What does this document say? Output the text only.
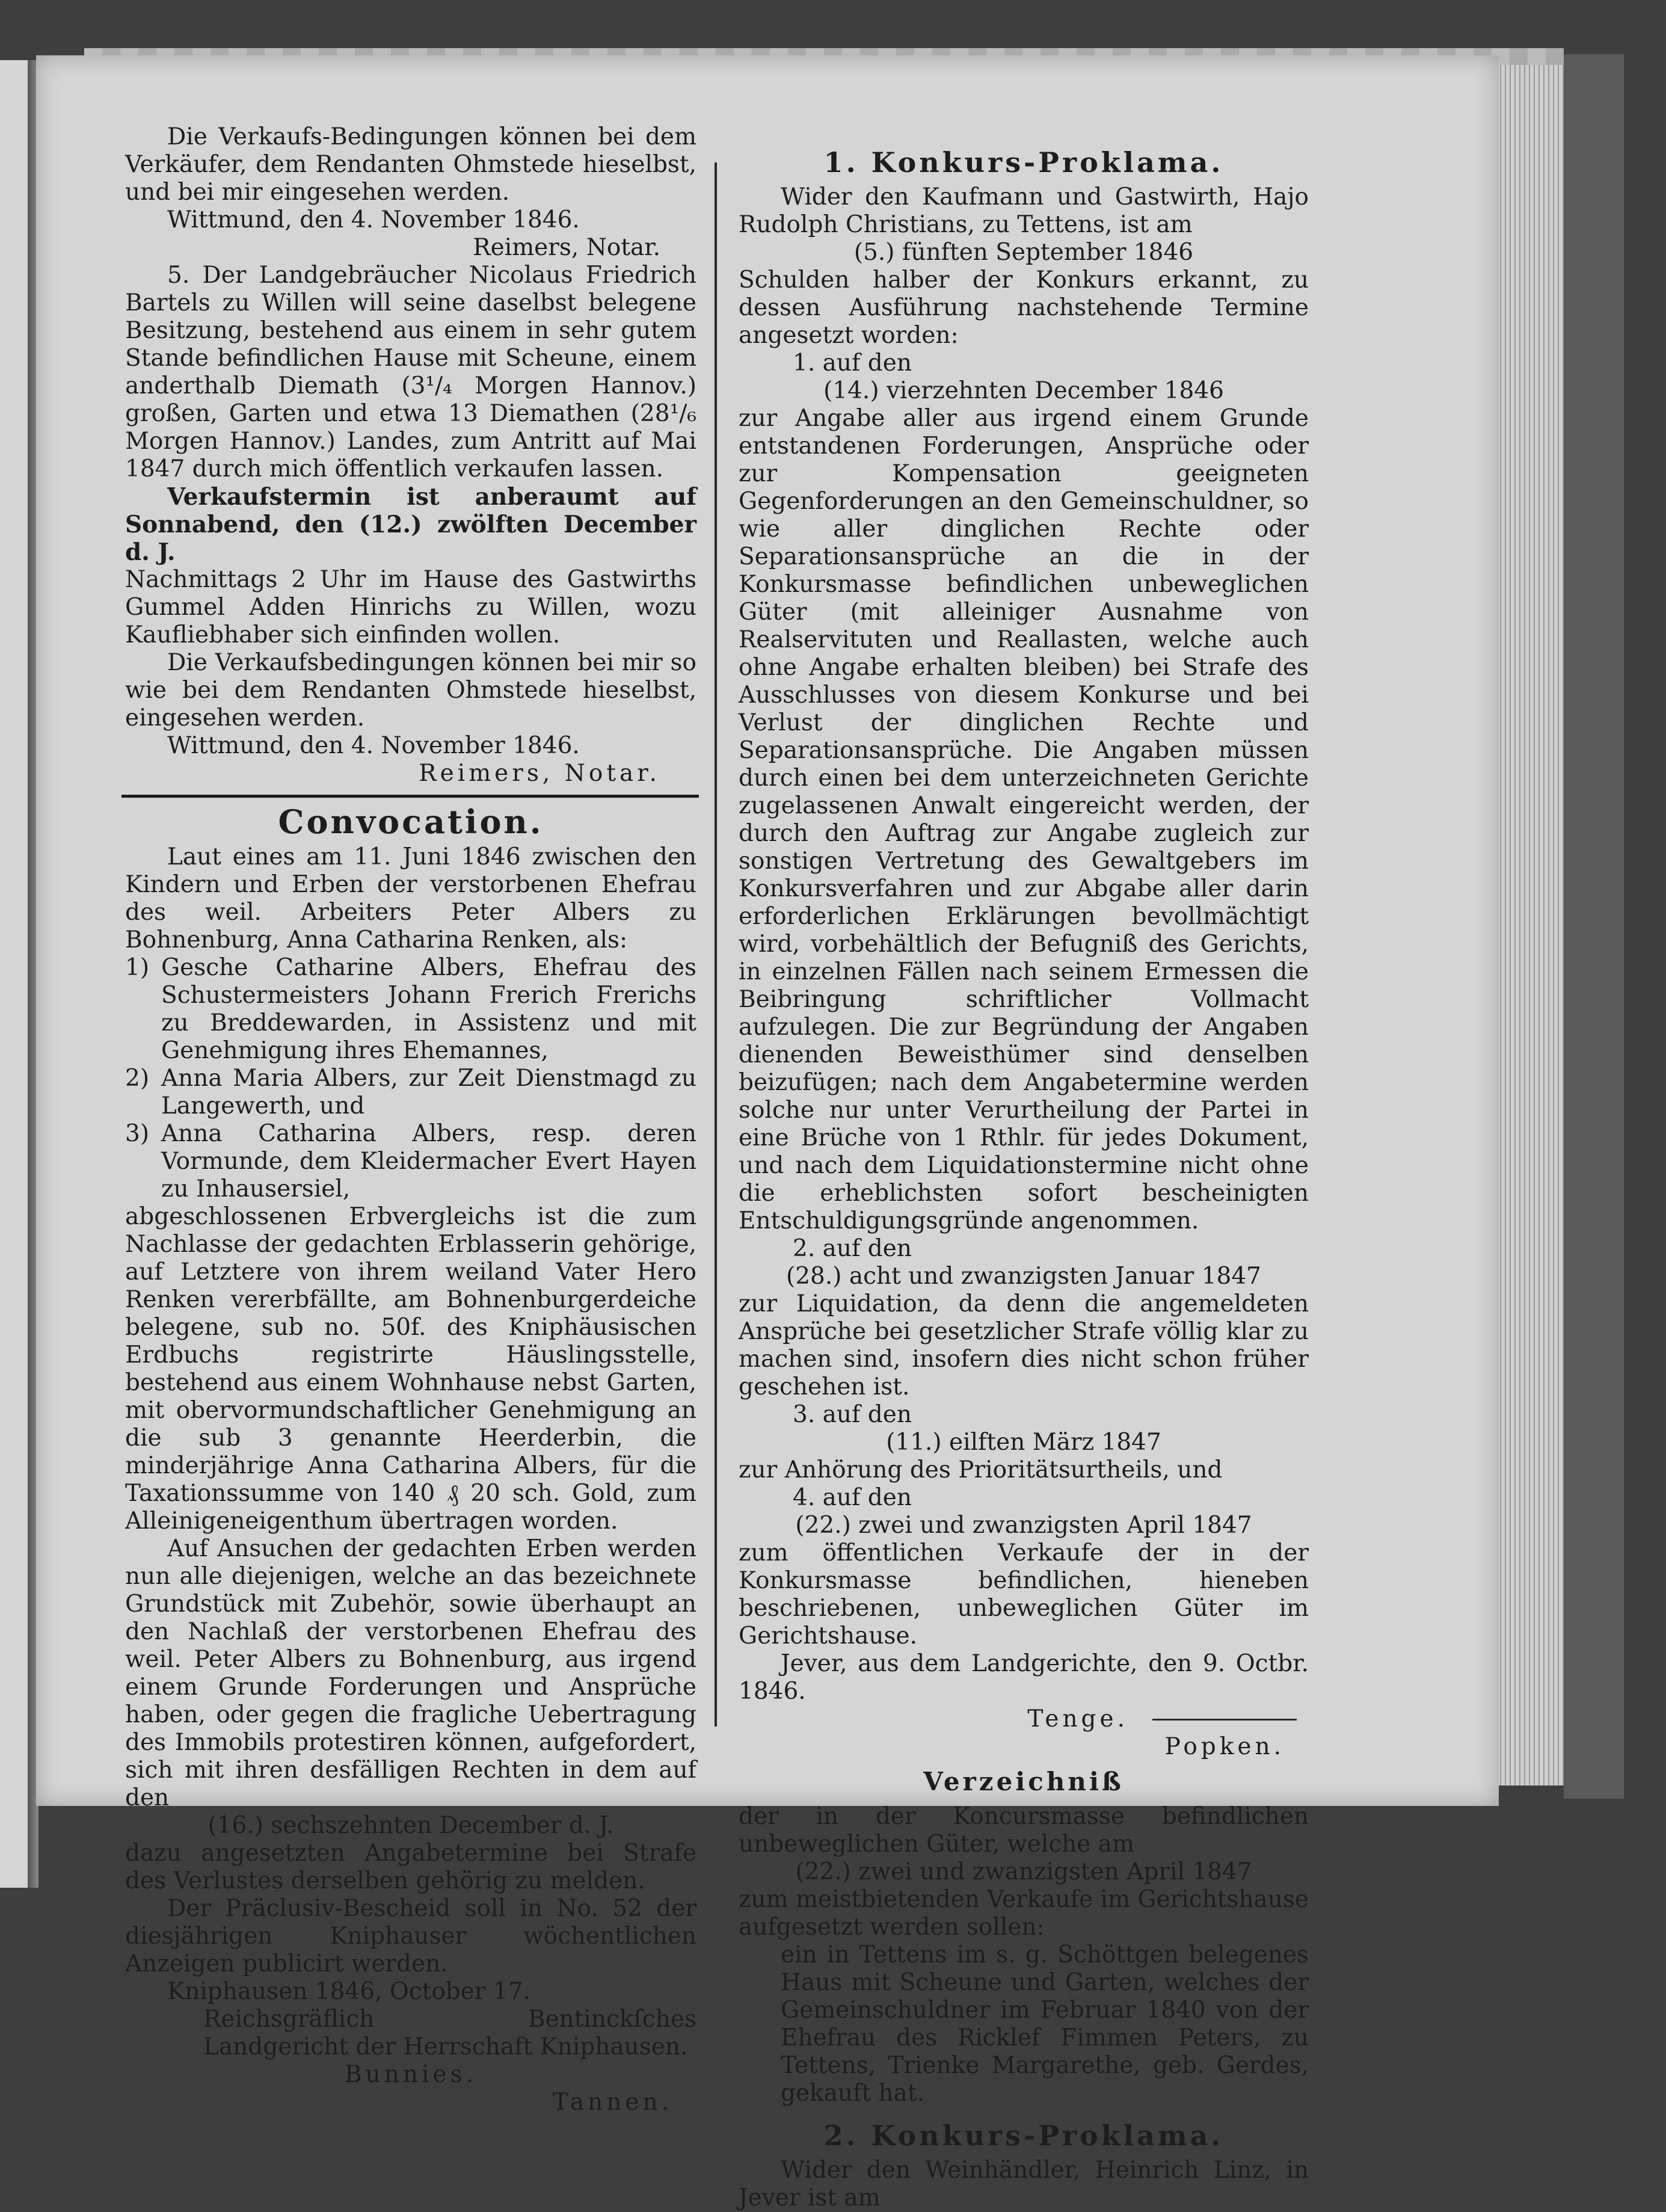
Die Verkaufs-Bedingungen können bei dem Verkäufer, dem Rendanten Ohmstede hieselbst, und bei mir eingesehen werden.

Wittmund, den 4. November 1846.

Reimers, Notar.

5. Der Landgebräucher Nicolaus Friedrich Bartels zu Willen will seine daselbst belegene Besitzung, bestehend aus einem in sehr gutem Stande befindlichen Hause mit Scheune, einem anderthalb Diemath (3¹/₄ Morgen Hannov.) großen, Garten und etwa 13 Diemathen (28¹/₆ Morgen Hannov.) Landes, zum Antritt auf Mai 1847 durch mich öffentlich verkaufen lassen.

Verkaufstermin ist anberaumt auf Sonnabend, den (12.) zwölften December d. J.

Nachmittags 2 Uhr im Hause des Gastwirths Gummel Adden Hinrichs zu Willen, wozu Kaufliebhaber sich einfinden wollen.

Die Verkaufsbedingungen können bei mir so wie bei dem Rendanten Ohmstede hieselbst, eingesehen werden.

Wittmund, den 4. November 1846.

Reimers, Notar.

Convocation.

Laut eines am 11. Juni 1846 zwischen den Kindern und Erben der verstorbenen Ehefrau des weil. Arbeiters Peter Albers zu Bohnenburg, Anna Catharina Renken, als:

1) Gesche Catharine Albers, Ehefrau des Schustermeisters Johann Frerich Frerichs zu Breddewarden, in Assistenz und mit Genehmigung ihres Ehemannes,
2) Anna Maria Albers, zur Zeit Dienstmagd zu Langewerth, und
3) Anna Catharina Albers, resp. deren Vormunde, dem Kleidermacher Evert Hayen zu Inhausersiel,

abgeschlossenen Erbvergleichs ist die zum Nachlasse der gedachten Erblasserin gehörige, auf Letztere von ihrem weiland Vater Hero Renken vererbfällte, am Bohnenburgerdeiche belegene, sub no. 50f. des Kniphäusischen Erdbuchs registrirte Häuslingsstelle, bestehend aus einem Wohnhause nebst Garten, mit obervormundschaftlicher Genehmigung an die sub 3 genannte Heerderbin, die minderjährige Anna Catharina Albers, für die Taxationssumme von 140 ₰ 20 sch. Gold, zum Alleinigeneigenthum übertragen worden.

Auf Ansuchen der gedachten Erben werden nun alle diejenigen, welche an das bezeichnete Grundstück mit Zubehör, sowie überhaupt an den Nachlaß der verstorbenen Ehefrau des weil. Peter Albers zu Bohnenburg, aus irgend einem Grunde Forderungen und Ansprüche haben, oder gegen die fragliche Uebertragung des Immobils protestiren können, aufgefordert, sich mit ihren desfälligen Rechten in dem auf den

(16.) sechszehnten December d. J.

dazu angesetzten Angabetermine bei Strafe des Verlustes derselben gehörig zu melden.

Der Präclusiv-Bescheid soll in No. 52 der diesjährigen Kniphauser wöchentlichen Anzeigen publicirt werden.

Kniphausen 1846, October 17.

Reichsgräflich Bentinckſches Landgericht der Herrschaft Kniphausen.

Bunnies.

Tannen.

1. Konkurs-Proklama.

Wider den Kaufmann und Gastwirth, Hajo Rudolph Christians, zu Tettens, ist am

(5.) fünften September 1846

Schulden halber der Konkurs erkannt, zu dessen Ausführung nachstehende Termine angesetzt worden:

1. auf den

(14.) vierzehnten December 1846

zur Angabe aller aus irgend einem Grunde entstandenen Forderungen, Ansprüche oder zur Kompensation geeigneten Gegenforderungen an den Gemeinschuldner, so wie aller dinglichen Rechte oder Separationsansprüche an die in der Konkursmasse befindlichen unbeweglichen Güter (mit alleiniger Ausnahme von Realservituten und Reallasten, welche auch ohne Angabe erhalten bleiben) bei Strafe des Ausschlusses von diesem Konkurse und bei Verlust der dinglichen Rechte und Separationsansprüche. Die Angaben müssen durch einen bei dem unterzeichneten Gerichte zugelassenen Anwalt eingereicht werden, der durch den Auftrag zur Angabe zugleich zur sonstigen Vertretung des Gewaltgebers im Konkursverfahren und zur Abgabe aller darin erforderlichen Erklärungen bevollmächtigt wird, vorbehältlich der Befugniß des Gerichts, in einzelnen Fällen nach seinem Ermessen die Beibringung schriftlicher Vollmacht aufzulegen. Die zur Begründung der Angaben dienenden Beweisthümer sind denselben beizufügen; nach dem Angabetermine werden solche nur unter Verurtheilung der Partei in eine Brüche von 1 Rthlr. für jedes Dokument, und nach dem Liquidationstermine nicht ohne die erheblichsten sofort bescheinigten Entschuldigungsgründe angenommen.

2. auf den

(28.) acht und zwanzigsten Januar 1847

zur Liquidation, da denn die angemeldeten Ansprüche bei gesetzlicher Strafe völlig klar zu machen sind, insofern dies nicht schon früher geschehen ist.

3. auf den

(11.) eilften März 1847

zur Anhörung des Prioritätsurtheils, und

4. auf den

(22.) zwei und zwanzigsten April 1847

zum öffentlichen Verkaufe der in der Konkursmasse befindlichen, hieneben beschriebenen, unbeweglichen Güter im Gerichtshause.

Jever, aus dem Landgerichte, den 9. Octbr. 1846.

Tenge.

Popken.

Verzeichniß

der in der Koncursmasse befindlichen unbeweglichen Güter, welche am

(22.) zwei und zwanzigsten April 1847

zum meistbietenden Verkaufe im Gerichtshause aufgesetzt werden sollen:

ein in Tettens im s. g. Schöttgen belegenes Haus mit Scheune und Garten, welches der Gemeinschuldner im Februar 1840 von der Ehefrau des Ricklef Fimmen Peters, zu Tettens, Trienke Margarethe, geb. Gerdes, gekauft hat.

2. Konkurs-Proklama.

Wider den Weinhändler, Heinrich Linz, in Jever ist am
